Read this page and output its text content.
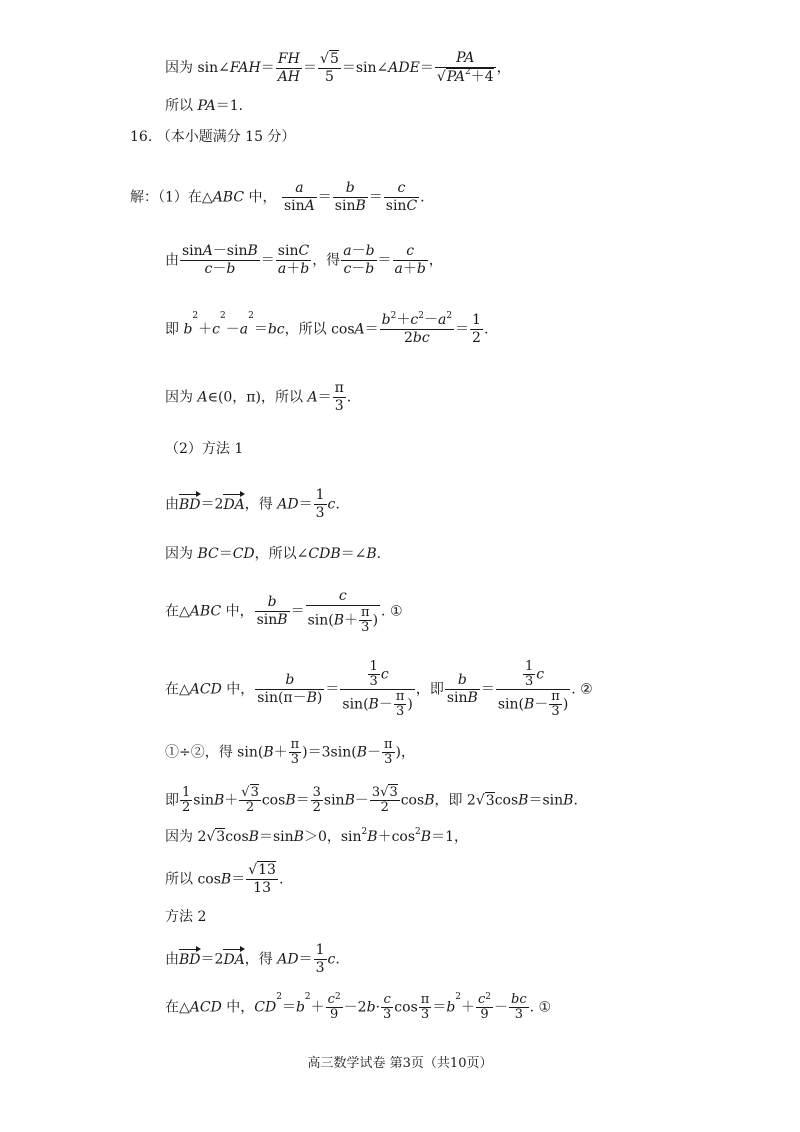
因为 sin∠FAH＝ $\frac{FH}{AH} = \frac{√5}{5}$ ＝sin∠ADE＝ $\frac{PA}{√PA^2+4}$ ，
所以 PA＝1.
16. （本小题满分 15 分）
解：（1）在△ABC 中， $\frac{a}{\sin A} = \frac{b}{\sin B} = \frac{c}{\sin C}$ .
由 $\frac{\sin A-\sin B}{c-b} = \frac{\sin C}{a+b}$ ，得 $\frac{a-b}{c-b} = \frac{c}{a+b}$ ，
即 $b^2+c^2-a^2=bc$，所以 $\cos A= \frac{b^2+c^2-a^2}{2bc} = \frac{1}{2}$ .
因为 A∈(0，π)，所以 $A= \frac{\pi}{3}$ .
（2）方法 1
由BD＝2DA，得 $AD= \frac{1}{3} c$.
因为 BC＝CD，所以∠CDB＝∠B.
在△ABC 中， $\frac{b}{\sin B} = \frac{c}{\sin(B+ \frac{\pi}{3} )}$ . ①
在△ACD 中， $\frac{b}{\sin(\pi-B)} = \frac{\frac{1}{3} c}{\sin(B- \frac{\pi}{3} )}$ ，即 $\frac{b}{\sin B} = \frac{\frac{1}{3} c}{\sin(B- \frac{\pi}{3} )}$ . ②
①÷②，得 $\sin(B+ \frac{\pi}{3} )=3\sin(B- \frac{\pi}{3}$ )，
即 $\frac{1}{2} \sin B+ \frac{√3}{2} \cos B= \frac{3}{2} \sin B- \frac{3√3}{2}$ cosB，即 2√3cosB＝sinB.
因为 2√3cosB＝sinB＞0，$\sin^2B+\cos^2B=1$，
所以 $\cos B= \frac{√13}{13}$ .
方法 2
由BD＝2DA，得 $AD= \frac{1}{3} c$.
在△ACD 中，$CD^2=b^2+ \frac{c^2}{9} -2b\cdot \frac{c}{3}$ $\cos \frac{\pi}{3} =b^2+ \frac{c^2}{9} - \frac{bc}{3}$ . ①
高三数学试卷 第3页（共10页）
